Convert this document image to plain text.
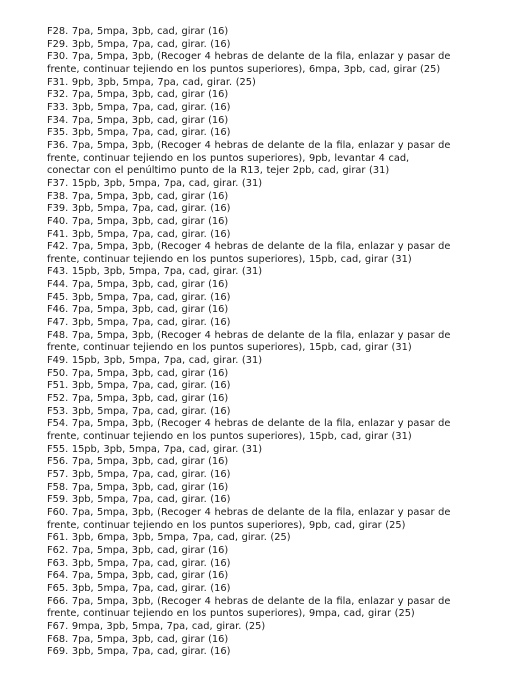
F28. 7pa, 5mpa, 3pb, cad, girar (16)

F29. 3pb, 5mpa, 7pa, cad, girar. (16)

F30. 7pa, 5mpa, 3pb, (Recoger 4 hebras de delante de la fila, enlazar y pasar de frente, continuar tejiendo en los puntos superiores), 6mpa, 3pb, cad, girar (25)

F31. 9pb, 3pb, 5mpa, 7pa, cad, girar. (25)

F32. 7pa, 5mpa, 3pb, cad, girar (16)

F33. 3pb, 5mpa, 7pa, cad, girar. (16)

F34. 7pa, 5mpa, 3pb, cad, girar (16)

F35. 3pb, 5mpa, 7pa, cad, girar. (16)

F36. 7pa, 5mpa, 3pb, (Recoger 4 hebras de delante de la fila, enlazar y pasar de frente, continuar tejiendo en los puntos superiores), 9pb, levantar 4 cad, conectar con el penúltimo punto de la R13, tejer 2pb, cad, girar (31)

F37. 15pb, 3pb, 5mpa, 7pa, cad, girar. (31)

F38. 7pa, 5mpa, 3pb, cad, girar (16)

F39. 3pb, 5mpa, 7pa, cad, girar. (16)

F40. 7pa, 5mpa, 3pb, cad, girar (16)

F41. 3pb, 5mpa, 7pa, cad, girar. (16)

F42. 7pa, 5mpa, 3pb, (Recoger 4 hebras de delante de la fila, enlazar y pasar de frente, continuar tejiendo en los puntos superiores), 15pb, cad, girar (31)

F43. 15pb, 3pb, 5mpa, 7pa, cad, girar. (31)

F44. 7pa, 5mpa, 3pb, cad, girar (16)

F45. 3pb, 5mpa, 7pa, cad, girar. (16)

F46. 7pa, 5mpa, 3pb, cad, girar (16)

F47. 3pb, 5mpa, 7pa, cad, girar. (16)

F48. 7pa, 5mpa, 3pb, (Recoger 4 hebras de delante de la fila, enlazar y pasar de frente, continuar tejiendo en los puntos superiores), 15pb, cad, girar (31)

F49. 15pb, 3pb, 5mpa, 7pa, cad, girar. (31)

F50. 7pa, 5mpa, 3pb, cad, girar (16)

F51. 3pb, 5mpa, 7pa, cad, girar. (16)

F52. 7pa, 5mpa, 3pb, cad, girar (16)

F53. 3pb, 5mpa, 7pa, cad, girar. (16)

F54. 7pa, 5mpa, 3pb, (Recoger 4 hebras de delante de la fila, enlazar y pasar de frente, continuar tejiendo en los puntos superiores), 15pb, cad, girar (31)

F55. 15pb, 3pb, 5mpa, 7pa, cad, girar. (31)

F56. 7pa, 5mpa, 3pb, cad, girar (16)

F57. 3pb, 5mpa, 7pa, cad, girar. (16)

F58. 7pa, 5mpa, 3pb, cad, girar (16)

F59. 3pb, 5mpa, 7pa, cad, girar. (16)

F60. 7pa, 5mpa, 3pb, (Recoger 4 hebras de delante de la fila, enlazar y pasar de frente, continuar tejiendo en los puntos superiores), 9pb, cad, girar (25)

F61. 3pb, 6mpa, 3pb, 5mpa, 7pa, cad, girar. (25)

F62. 7pa, 5mpa, 3pb, cad, girar (16)

F63. 3pb, 5mpa, 7pa, cad, girar. (16)

F64. 7pa, 5mpa, 3pb, cad, girar (16)

F65. 3pb, 5mpa, 7pa, cad, girar. (16)

F66. 7pa, 5mpa, 3pb, (Recoger 4 hebras de delante de la fila, enlazar y pasar de frente, continuar tejiendo en los puntos superiores), 9mpa, cad, girar (25)

F67. 9mpa, 3pb, 5mpa, 7pa, cad, girar. (25)

F68. 7pa, 5mpa, 3pb, cad, girar (16)

F69. 3pb, 5mpa, 7pa, cad, girar. (16)
